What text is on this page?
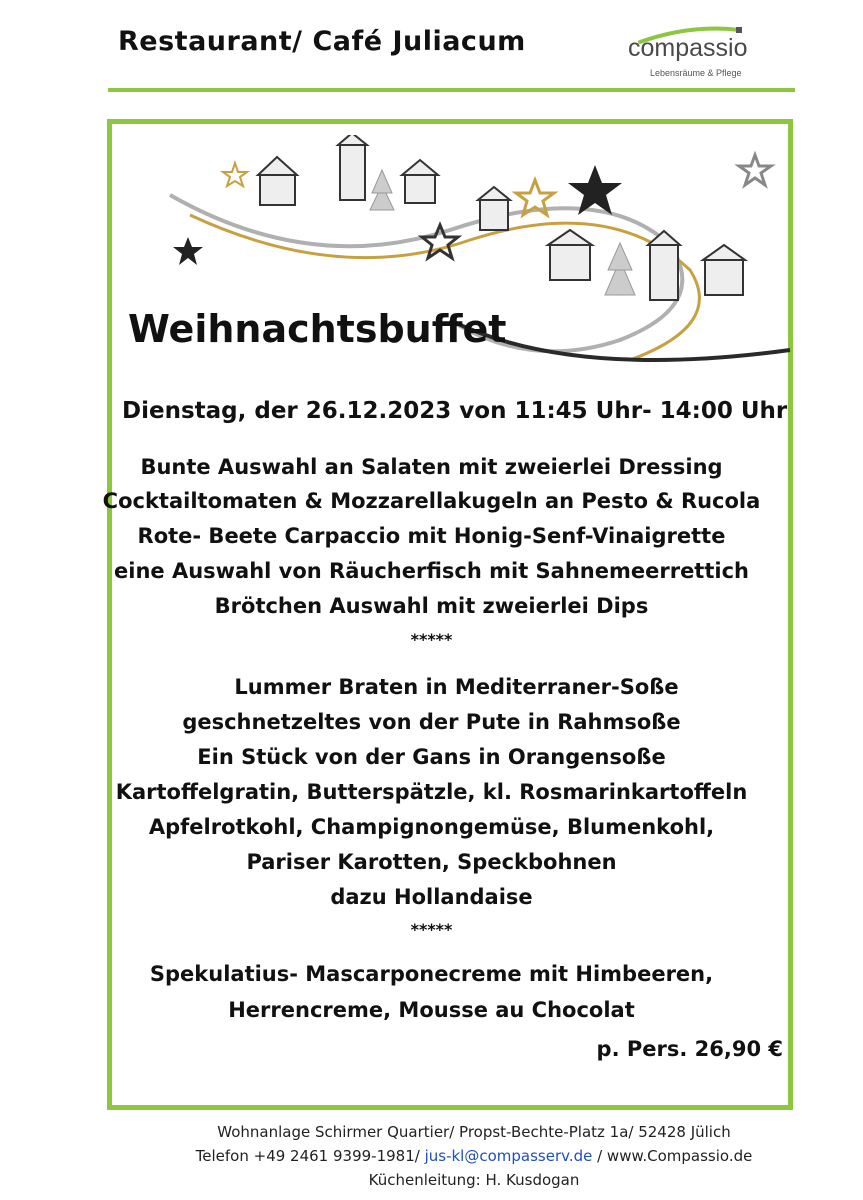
Restaurant/ Café Juliacum	compassio
Lebensräume & Pflege
Weihnachtsbuffet
Dienstag, der 26.12.2023 von 11:45 Uhr- 14:00 Uhr
Bunte Auswahl an Salaten mit zweierlei Dressing
Cocktailtomaten & Mozzarellakugeln an Pesto & Rucola
Rote- Beete Carpaccio mit Honig-Senf-Vinaigrette
eine Auswahl von Räucherfisch mit Sahnemeerrettich
Brötchen Auswahl mit zweierlei Dips
*****
Lummer Braten in Mediterraner-Soße
geschnetzeltes von der Pute in Rahmsoße
Ein Stück von der Gans in Orangensoße
Kartoffelgratin, Butterspätzle, kl. Rosmarinkartoffeln
Apfelrotkohl, Champignongemüse, Blumenkohl,
Pariser Karotten, Speckbohnen
dazu Hollandaise
*****
Spekulatius- Mascarponecreme mit Himbeeren,
Herrencreme, Mousse au Chocolat
p. Pers. 26,90 €
Wohnanlage Schirmer Quartier/ Propst-Bechte-Platz 1a/ 52428 Jülich
Telefon +49 2461 9399-1981/ jus-kl@compasserv.de / www.Compassio.de
Küchenleitung: H. Kusdogan
